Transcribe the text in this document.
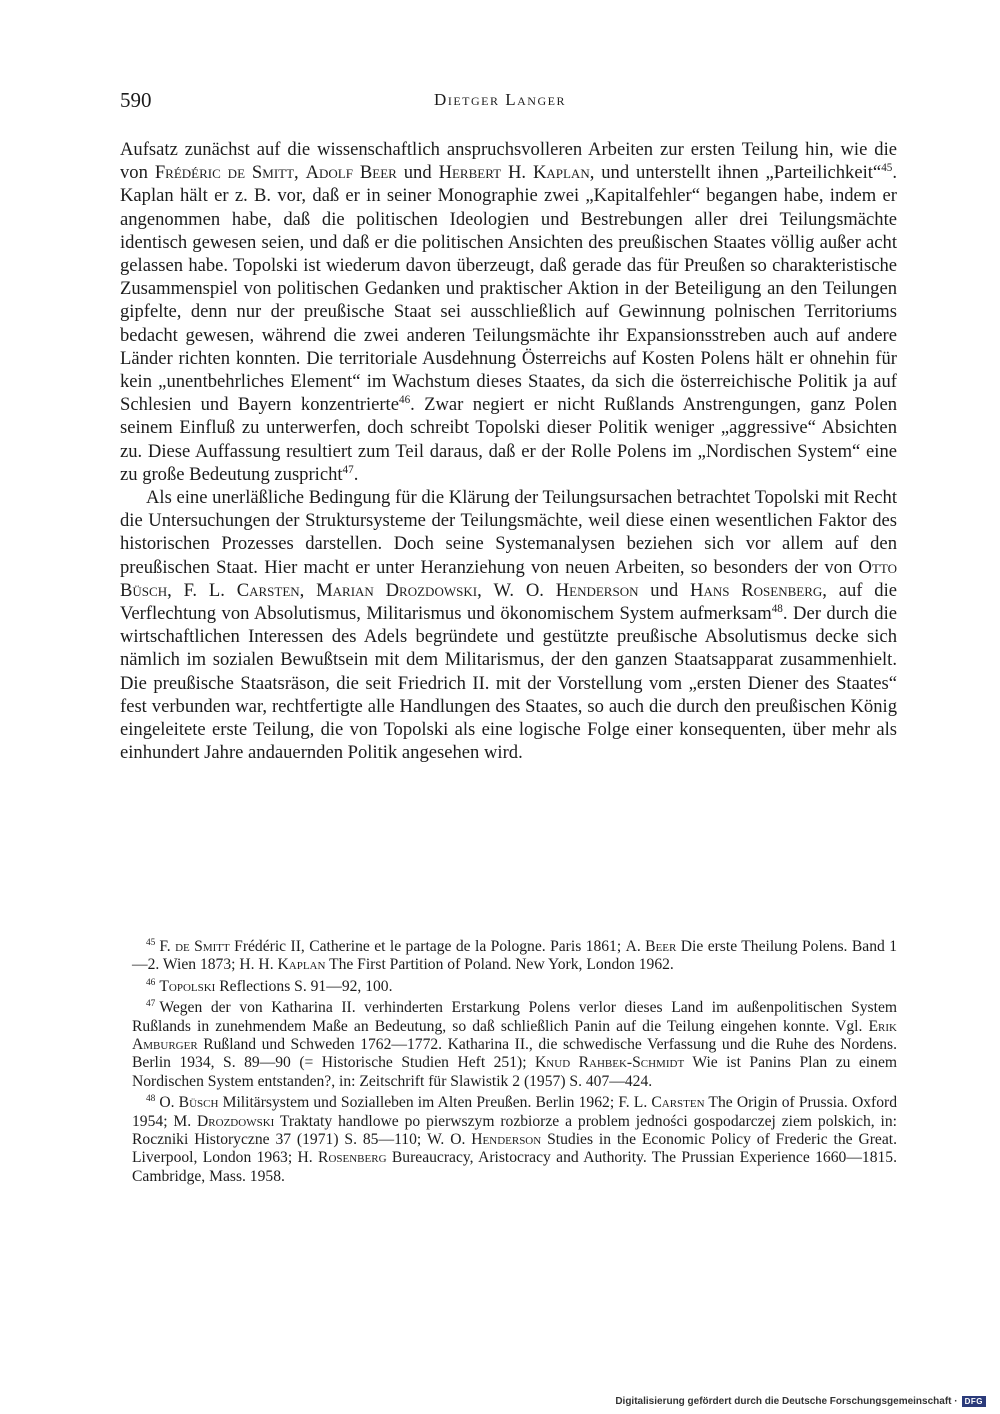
590	Dietger Langer

Aufsatz zunächst auf die wissenschaftlich anspruchsvolleren Arbeiten zur ersten Teilung hin, wie die von Frédéric de Smitt, Adolf Beer und Herbert H. Kaplan, und unterstellt ihnen „Parteilichkeit“$^{45}$. Kaplan hält er z. B. vor, daß er in seiner Monographie zwei „Kapitalfehler“ begangen habe, indem er angenommen habe, daß die politischen Ideologien und Bestrebungen aller drei Teilungsmächte identisch gewesen seien, und daß er die politischen Ansichten des preußischen Staates völlig außer acht gelassen habe. Topolski ist wiederum davon überzeugt, daß gerade das für Preußen so charakteristische Zusammenspiel von politischen Gedanken und praktischer Aktion in der Beteiligung an den Teilungen gipfelte, denn nur der preußische Staat sei ausschließlich auf Gewinnung polnischen Territoriums bedacht gewesen, während die zwei anderen Teilungsmächte ihr Expansionsstreben auch auf andere Länder richten konnten. Die territoriale Ausdehnung Österreichs auf Kosten Polens hält er ohnehin für kein „unentbehrliches Element“ im Wachstum dieses Staates, da sich die österreichische Politik ja auf Schlesien und Bayern konzentrierte$^{46}$. Zwar negiert er nicht Rußlands Anstrengungen, ganz Polen seinem Einfluß zu unterwerfen, doch schreibt Topolski dieser Politik weniger „aggressive“ Absichten zu. Diese Auffassung resultiert zum Teil daraus, daß er der Rolle Polens im „Nordischen System“ eine zu große Bedeutung zuspricht$^{47}$.

Als eine unerläßliche Bedingung für die Klärung der Teilungsursachen betrachtet Topolski mit Recht die Untersuchungen der Struktursysteme der Teilungsmächte, weil diese einen wesentlichen Faktor des historischen Prozesses darstellen. Doch seine Systemanalysen beziehen sich vor allem auf den preußischen Staat. Hier macht er unter Heranziehung von neuen Arbeiten, so besonders der von Otto Büsch, F. L. Carsten, Marian Drozdowski, W. O. Henderson und Hans Rosenberg, auf die Verflechtung von Absolutismus, Militarismus und ökonomischem System aufmerksam$^{48}$. Der durch die wirtschaftlichen Interessen des Adels begründete und gestützte preußische Absolutismus decke sich nämlich im sozialen Bewußtsein mit dem Militarismus, der den ganzen Staatsapparat zusammenhielt. Die preußische Staatsräson, die seit Friedrich II. mit der Vorstellung vom „ersten Diener des Staates“ fest verbunden war, rechtfertigte alle Handlungen des Staates, so auch die durch den preußischen König eingeleitete erste Teilung, die von Topolski als eine logische Folge einer konsequenten, über mehr als einhundert Jahre andauernden Politik angesehen wird.

$^{45}$ F. de Smitt Frédéric II, Catherine et le partage de la Pologne. Paris 1861; A. Beer Die erste Theilung Polens. Band 1—2. Wien 1873; H. H. Kaplan The First Partition of Poland. New York, London 1962.

$^{46}$ Topolski Reflections S. 91—92, 100.

$^{47}$ Wegen der von Katharina II. verhinderten Erstarkung Polens verlor dieses Land im außenpolitischen System Rußlands in zunehmendem Maße an Bedeutung, so daß schließlich Panin auf die Teilung eingehen konnte. Vgl. Erik Amburger Rußland und Schweden 1762—1772. Katharina II., die schwedische Verfassung und die Ruhe des Nordens. Berlin 1934, S. 89—90 (= Historische Studien Heft 251); Knud Rahbek-Schmidt Wie ist Panins Plan zu einem Nordischen System entstanden?, in: Zeitschrift für Slawistik 2 (1957) S. 407—424.

$^{48}$ O. Büsch Militärsystem und Sozialleben im Alten Preußen. Berlin 1962; F. L. Carsten The Origin of Prussia. Oxford 1954; M. Drozdowski Traktaty handlowe po pierwszym rozbiorze a problem jedności gospodarczej ziem polskich, in: Roczniki Historyczne 37 (1971) S. 85—110; W. O. Henderson Studies in the Economic Policy of Frederic the Great. Liverpool, London 1963; H. Rosenberg Bureaucracy, Aristocracy and Authority. The Prussian Experience 1660—1815. Cambridge, Mass. 1958.

Digitalisierung gefördert durch die Deutsche Forschungsgemeinschaft · DFG
